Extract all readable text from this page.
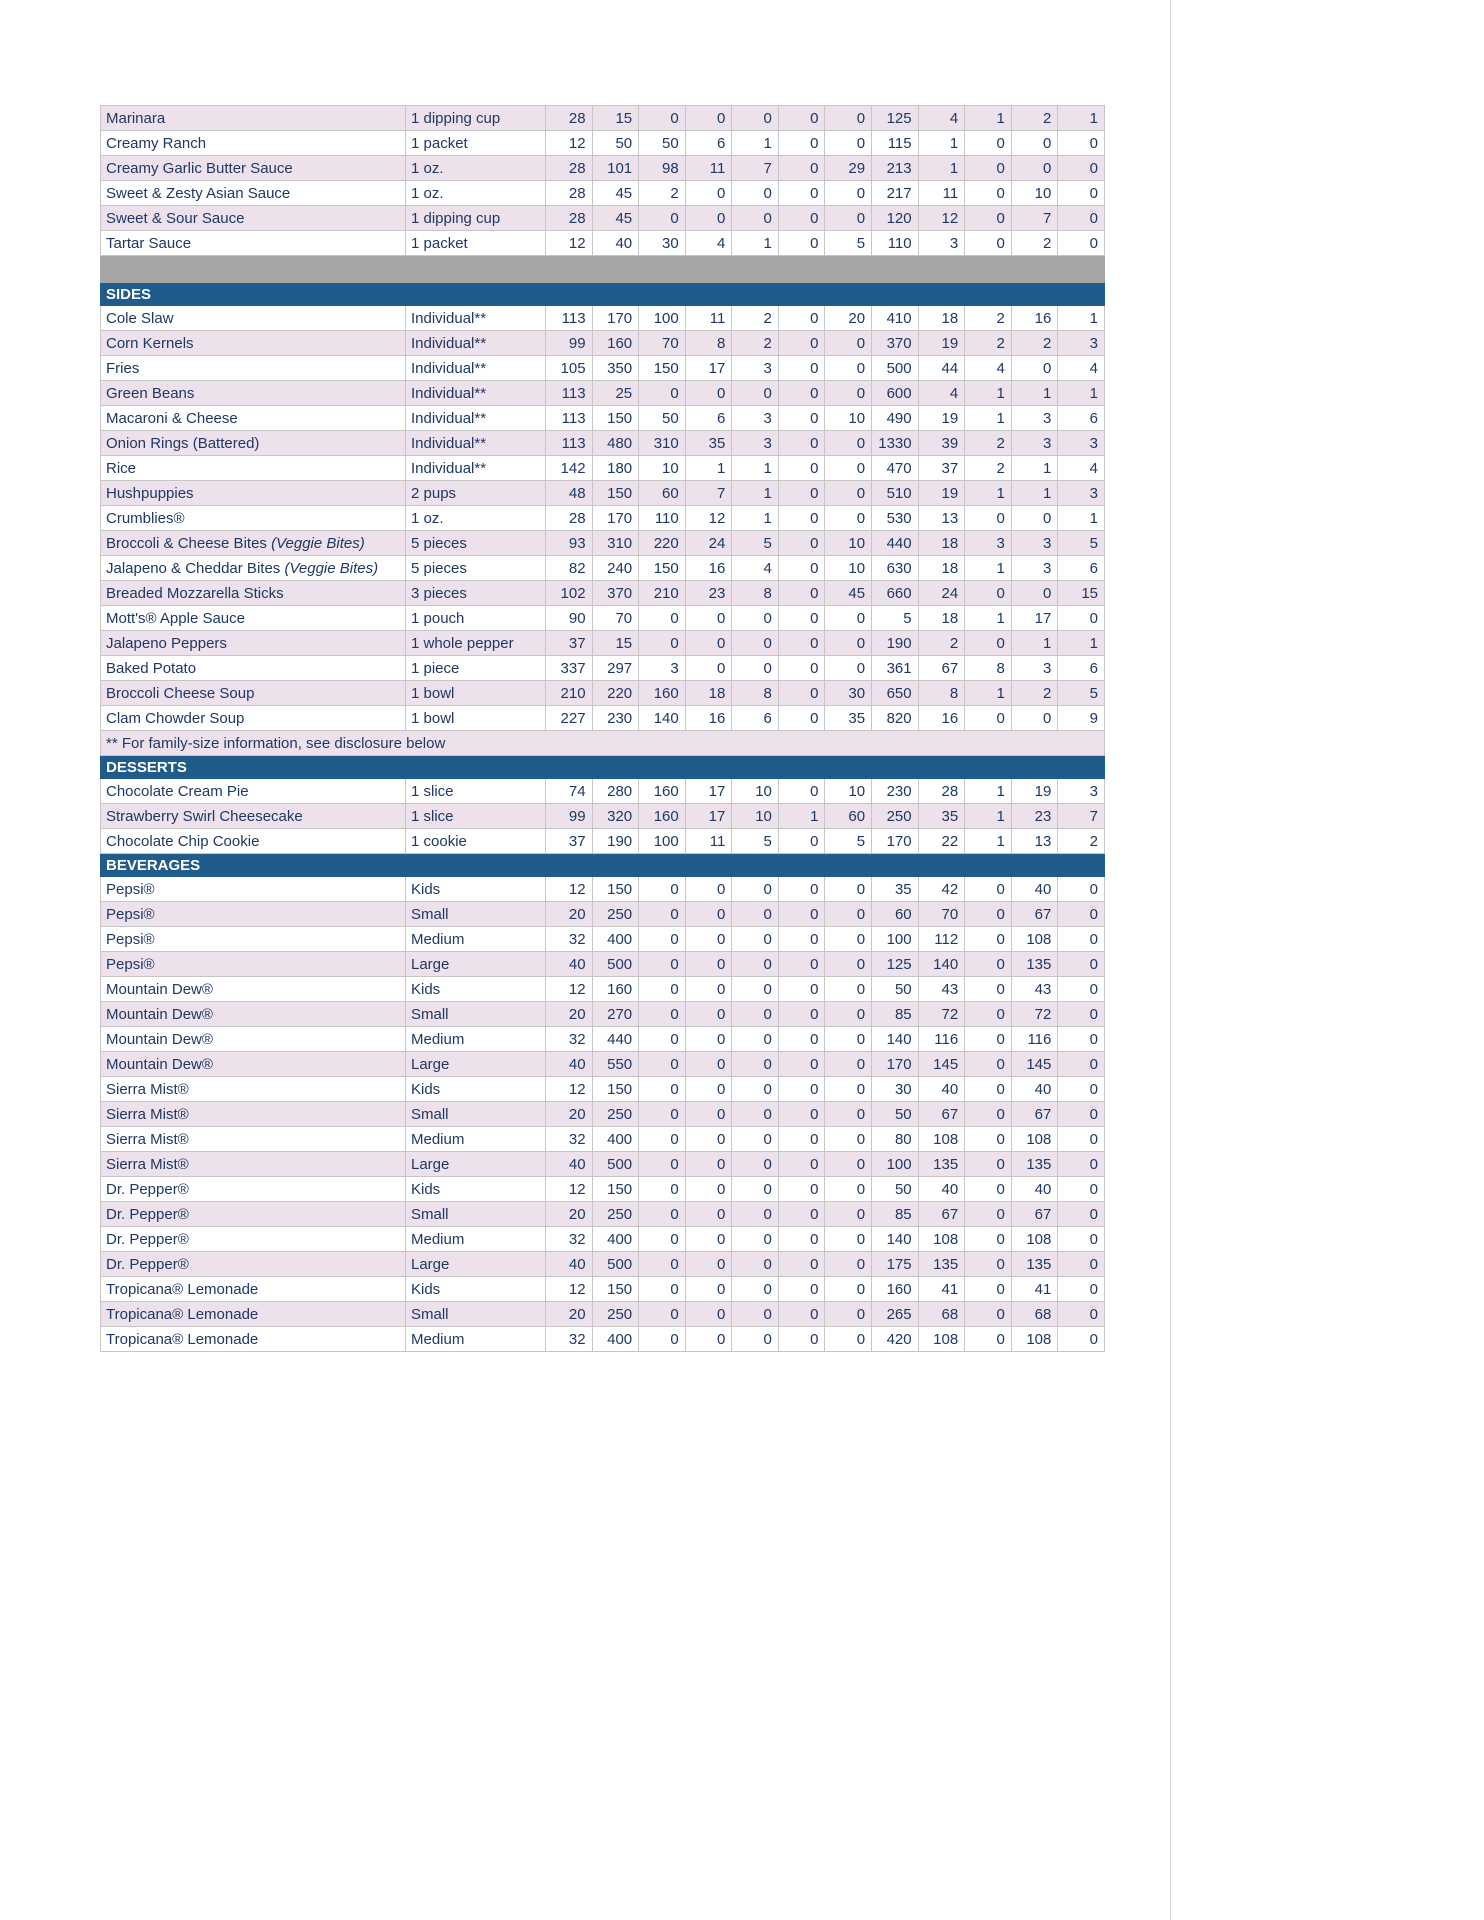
Marinara	1 dipping cup	28	15	0	0	0	0	0	125	4	1	2	1
Creamy Ranch	1 packet	12	50	50	6	1	0	0	115	1	0	0	0
Creamy Garlic Butter Sauce	1 oz.	28	101	98	11	7	0	29	213	1	0	0	0
Sweet & Zesty Asian Sauce	1 oz.	28	45	2	0	0	0	0	217	11	0	10	0
Sweet & Sour Sauce	1 dipping cup	28	45	0	0	0	0	0	120	12	0	7	0
Tartar Sauce	1 packet	12	40	30	4	1	0	5	110	3	0	2	0

SIDES													
Cole Slaw	Individual**	113	170	100	11	2	0	20	410	18	2	16	1
Corn Kernels	Individual**	99	160	70	8	2	0	0	370	19	2	2	3
Fries	Individual**	105	350	150	17	3	0	0	500	44	4	0	4
Green Beans	Individual**	113	25	0	0	0	0	0	600	4	1	1	1
Macaroni & Cheese	Individual**	113	150	50	6	3	0	10	490	19	1	3	6
Onion Rings (Battered)	Individual**	113	480	310	35	3	0	0	1330	39	2	3	3
Rice	Individual**	142	180	10	1	1	0	0	470	37	2	1	4
Hushpuppies	2 pups	48	150	60	7	1	0	0	510	19	1	1	3
Crumblies®	1 oz.	28	170	110	12	1	0	0	530	13	0	0	1
Broccoli & Cheese Bites (Veggie Bites)	5 pieces	93	310	220	24	5	0	10	440	18	3	3	5
Jalapeno & Cheddar Bites (Veggie Bites)	5 pieces	82	240	150	16	4	0	10	630	18	1	3	6
Breaded Mozzarella Sticks	3 pieces	102	370	210	23	8	0	45	660	24	0	0	15
Mott's® Apple Sauce	1 pouch	90	70	0	0	0	0	0	5	18	1	17	0
Jalapeno Peppers	1 whole pepper	37	15	0	0	0	0	0	190	2	0	1	1
Baked Potato	1 piece	337	297	3	0	0	0	0	361	67	8	3	6
Broccoli Cheese Soup	1 bowl	210	220	160	18	8	0	30	650	8	1	2	5
Clam Chowder Soup	1 bowl	227	230	140	16	6	0	35	820	16	0	0	9
** For family-size information, see disclosure below													
DESSERTS													
Chocolate Cream Pie	1 slice	74	280	160	17	10	0	10	230	28	1	19	3
Strawberry Swirl Cheesecake	1 slice	99	320	160	17	10	1	60	250	35	1	23	7
Chocolate Chip Cookie	1 cookie	37	190	100	11	5	0	5	170	22	1	13	2
BEVERAGES													
Pepsi®	Kids	12	150	0	0	0	0	0	35	42	0	40	0
Pepsi®	Small	20	250	0	0	0	0	0	60	70	0	67	0
Pepsi®	Medium	32	400	0	0	0	0	0	100	112	0	108	0
Pepsi®	Large	40	500	0	0	0	0	0	125	140	0	135	0
Mountain Dew®	Kids	12	160	0	0	0	0	0	50	43	0	43	0
Mountain Dew®	Small	20	270	0	0	0	0	0	85	72	0	72	0
Mountain Dew®	Medium	32	440	0	0	0	0	0	140	116	0	116	0
Mountain Dew®	Large	40	550	0	0	0	0	0	170	145	0	145	0
Sierra Mist®	Kids	12	150	0	0	0	0	0	30	40	0	40	0
Sierra Mist®	Small	20	250	0	0	0	0	0	50	67	0	67	0
Sierra Mist®	Medium	32	400	0	0	0	0	0	80	108	0	108	0
Sierra Mist®	Large	40	500	0	0	0	0	0	100	135	0	135	0
Dr. Pepper®	Kids	12	150	0	0	0	0	0	50	40	0	40	0
Dr. Pepper®	Small	20	250	0	0	0	0	0	85	67	0	67	0
Dr. Pepper®	Medium	32	400	0	0	0	0	0	140	108	0	108	0
Dr. Pepper®	Large	40	500	0	0	0	0	0	175	135	0	135	0
Tropicana® Lemonade	Kids	12	150	0	0	0	0	0	160	41	0	41	0
Tropicana® Lemonade	Small	20	250	0	0	0	0	0	265	68	0	68	0
Tropicana® Lemonade	Medium	32	400	0	0	0	0	0	420	108	0	108	0
